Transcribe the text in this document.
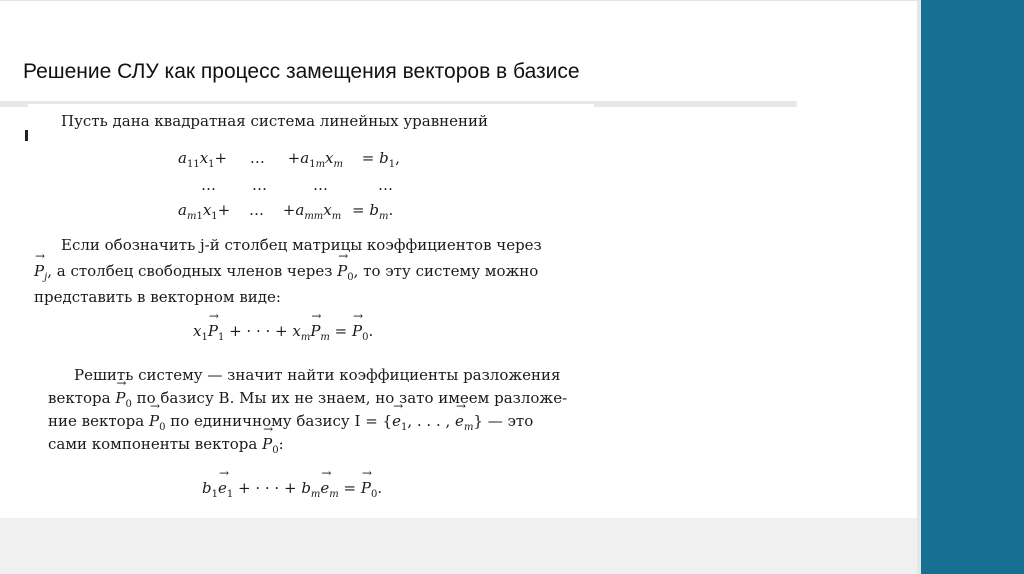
Решение СЛУ как процесс замещения векторов в базисе
Пусть дана квадратная система линейных уравнений
$a_{11}x_1+$ … $+a_{1m}x_m = b_1$,
… …	…	…
$a_{m1}x_1+$ … $+a_{mm}x_m = b_m$.
Если обозначить j-й столбец матрицы коэффициентов через
→ $P_j$, а столбец свободных членов через → $P_0$, то эту систему можно
представить в векторном виде:
$x_1\to P_1$ + · · · + $x_m\to P_m$ = → $P_0$.
Решить систему — значит найти коэффициенты разложения
вектора → $P_0$ по базису B. Мы их не знаем, но зато имеем разложе-
ние вектора → $P_0$ по единичному базису I = {→ $e_1$, . . . , → $e_m$} — это
сами компоненты вектора → $P_0$:
$b_1\to e_1$ + · · · + $b_m\to e_m$ = → $P_0$.
